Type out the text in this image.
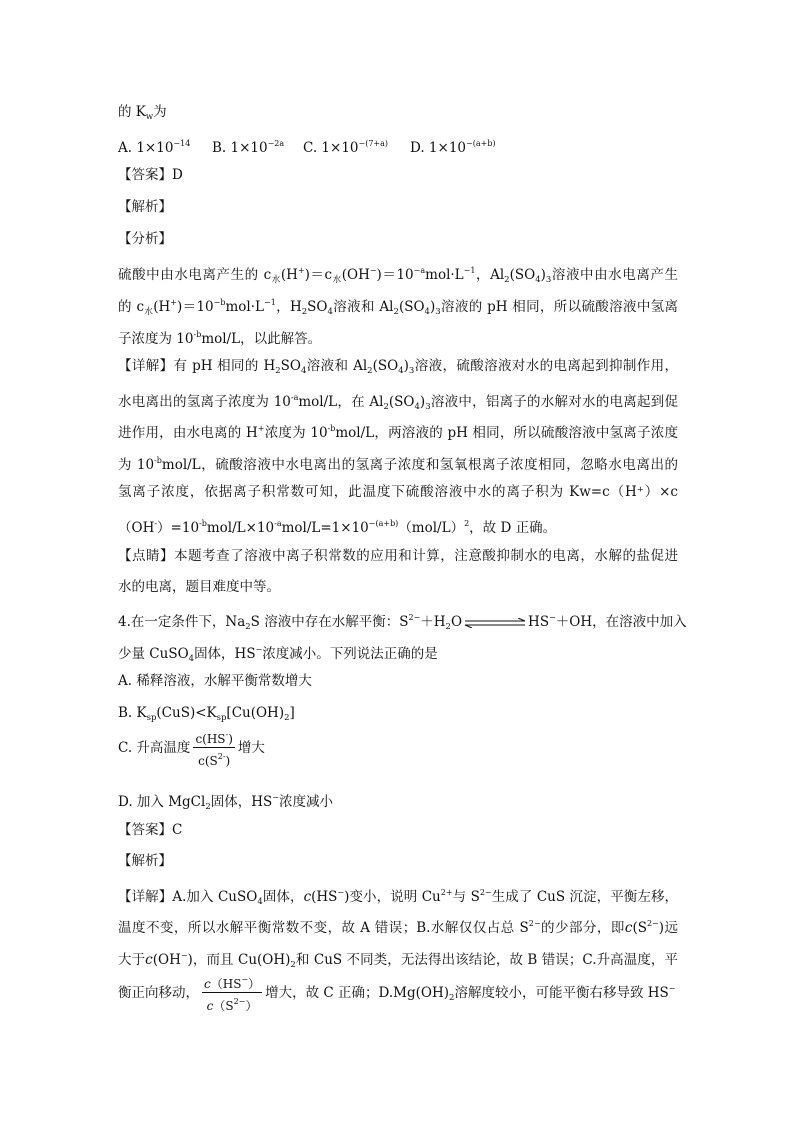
的 $K_w$为
A. $1\times 10^{-14}$ B. $1\times 10^{-2a}$ C. $1\times 10^{-(7+a)}$ D. $1\times 10^{-(a+b)}$
【答案】D
【解析】
【分析】
硫酸中由水电离产生的 $c_水(H^+)=c_水(OH^-)=10^{-a}mol\cdot L^{-1}$，$Al_2(SO_4)_3$溶液中由水电离产生
的 $c_水(H^+)=10^{-b}mol\cdot L^{-1}$，$H_2SO_4$溶液和 $Al_2(SO_4)_3$溶液的 pH 相同，所以硫酸溶液中氢离
子浓度为 $10^{-b}mol/L$，以此解答。
【详解】有 pH 相同的 $H_2SO_4$溶液和 $Al_2(SO_4)_3$溶液，硫酸溶液对水的电离起到抑制作用，
水电离出的氢离子浓度为 $10^{-a}mol/L$，在 $Al_2(SO_4)_3$溶液中，铝离子的水解对水的电离起到促
进作用，由水电离的 H+浓度为 $10^{-b}mol/L$，两溶液的 pH 相同，所以硫酸溶液中氢离子浓度
为 $10^{-b}mol/L$，硫酸溶液中水电离出的氢离子浓度和氢氧根离子浓度相同，忽略水电离出的
氢离子浓度，依据离子积常数可知，此温度下硫酸溶液中水的离子积为 Kw=c（H⁺）×c
$(OH^-)=10^{-b}mol/L\times 10^{-a}mol/L=1\times 10^{-(a+b)}(mol/L)^2$，故 D 正确。
【点睛】本题考查了溶液中离子积常数的应用和计算，注意酸抑制水的电离，水解的盐促进
水的电离，题目难度中等。
4.在一定条件下，$Na_2S$ 溶液中存在水解平衡：$S^{2-}+H_2O$	HS−＋OH，在溶液中加入
少量 CuSO$_4$固体，HS−浓度减小。下列说法正确的是
A. 稀释溶液，水解平衡常数增大
B. $K_{sp}(CuS)<K_{sp}[Cu(OH)_2]$
C. 升高温度 $\frac{c(HS^-)}{c(S^{2-})}$ 增大
D. 加入 MgCl$_2$固体，HS−浓度减小
【答案】C
【解析】
【详解】A.加入 CuSO$_4$固体，c(HS−)变小，说明 $Cu^{2+}$与 $S^{2-}$生成了 CuS 沉淀，平衡左移，
温度不变，所以水解平衡常数不变，故 A 错误；B.水解仅仅占总 $S^{2-}$的少部分，即$c(S^{2-})$远
大于c(OH−)，而且 $Cu(OH)_2$和 CuS 不同类，无法得出该结论，故 B 错误；C.升高温度，平
衡正向移动， $\frac{c(HS^-)}{c(S^{2-})}$ 增大，故 C 正确；$D.Mg(OH)_2$溶解度较小，可能平衡右移导致 HS−
